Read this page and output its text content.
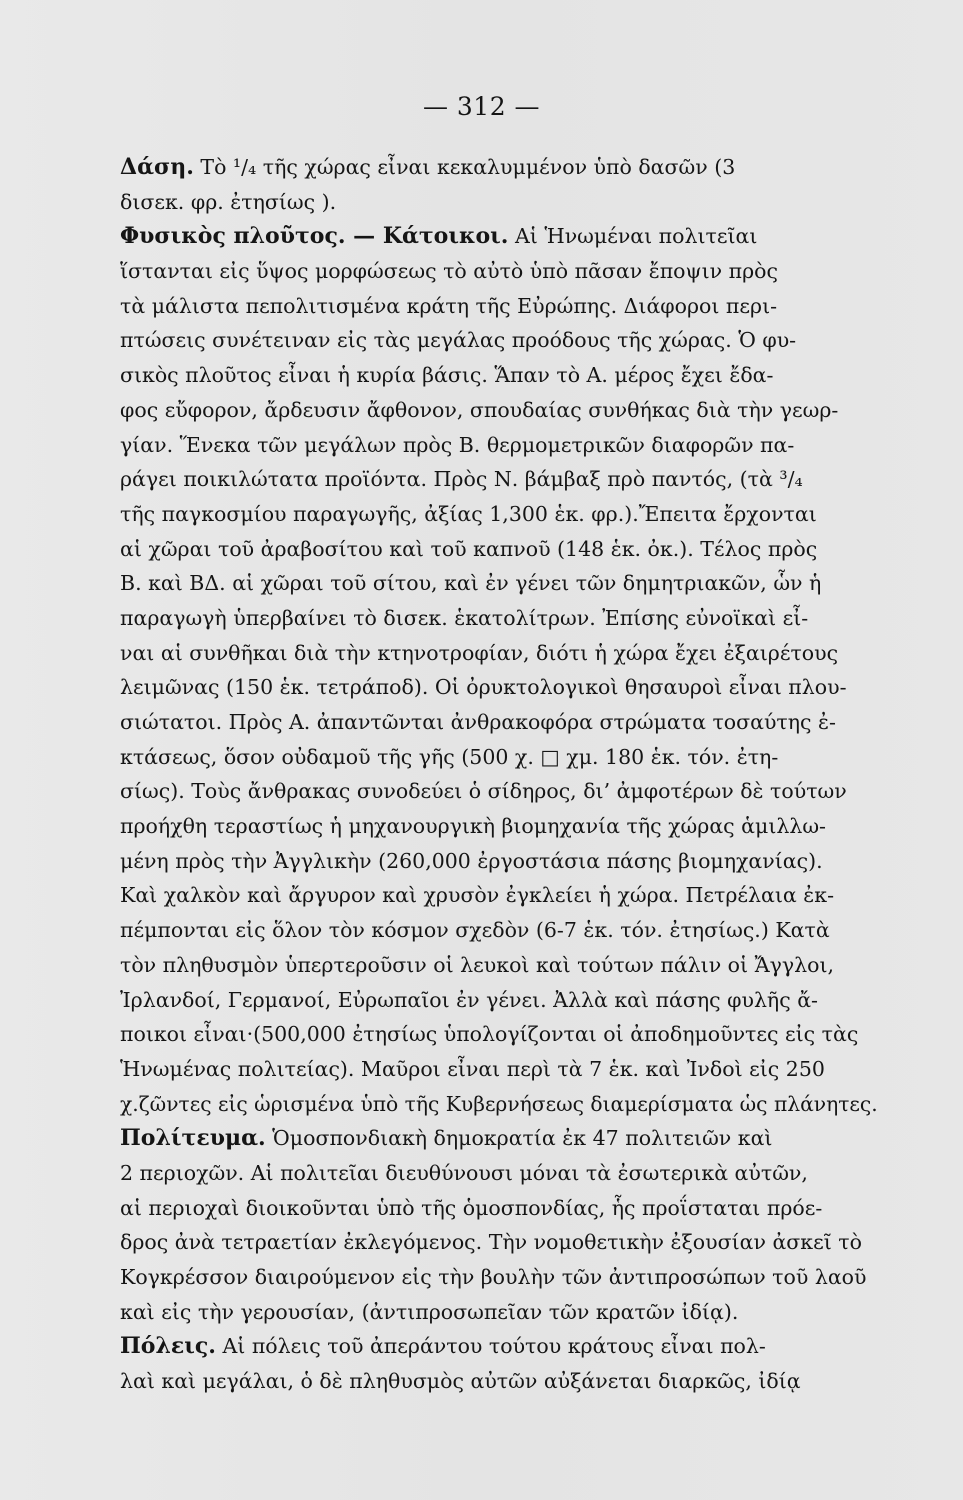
— 312 —
Δάση. Τὸ ¹/₄ τῆς χώρας εἶναι κεκαλυμμένον ὑπὸ δασῶν (3
δισεκ. φρ. ἐτησίως ).
Φυσικὸς πλοῦτος. — Κάτοικοι. Αἱ Ἡνωμέναι πολιτεῖαι
ἵστανται εἰς ὕψος μορφώσεως τὸ αὐτὸ ὑπὸ πᾶσαν ἔποψιν πρὸς
τὰ μάλιστα πεπολιτισμένα κράτη τῆς Εὐρώπης. Διάφοροι περι-
πτώσεις συνέτειναν εἰς τὰς μεγάλας προόδους τῆς χώρας. Ὁ φυ-
σικὸς πλοῦτος εἶναι ἡ κυρία βάσις. Ἅπαν τὸ Α. μέρος ἔχει ἔδα-
φος εὔφορον, ἄρδευσιν ἄφθονον, σπουδαίας συνθήκας διὰ τὴν γεωρ-
γίαν. Ἕνεκα τῶν μεγάλων πρὸς Β. θερμομετρικῶν διαφορῶν πα-
ράγει ποικιλώτατα προϊόντα. Πρὸς Ν. βάμβαξ πρὸ παντός, (τὰ ³/₄
τῆς παγκοσμίου παραγωγῆς, ἀξίας 1,300 ἑκ. φρ.).Ἔπειτα ἔρχονται
αἱ χῶραι τοῦ ἀραβοσίτου καὶ τοῦ καπνοῦ (148 ἑκ. ὀκ.). Τέλος πρὸς
Β. καὶ ΒΔ. αἱ χῶραι τοῦ σίτου, καὶ ἐν γένει τῶν δημητριακῶν, ὧν ἡ
παραγωγὴ ὑπερβαίνει τὸ δισεκ. ἑκατολίτρων. Ἐπίσης εὐνοϊκαὶ εἶ-
ναι αἱ συνθῆκαι διὰ τὴν κτηνοτροφίαν, διότι ἡ χώρα ἔχει ἐξαιρέτους
λειμῶνας (150 ἑκ. τετράποδ). Οἱ ὀρυκτολογικοὶ θησαυροὶ εἶναι πλου-
σιώτατοι. Πρὸς Α. ἀπαντῶνται ἀνθρακοφόρα στρώματα τοσαύτης ἐ-
κτάσεως, ὅσον οὐδαμοῦ τῆς γῆς (500 χ. □ χμ. 180 ἑκ. τόν. ἐτη-
σίως). Τοὺς ἄνθρακας συνοδεύει ὁ σίδηρος, δι’ ἀμφοτέρων δὲ τούτων
προήχθη τεραστίως ἡ μηχανουργικὴ βιομηχανία τῆς χώρας ἁμιλλω-
μένη πρὸς τὴν Ἀγγλικὴν (260,000 ἐργοστάσια πάσης βιομηχανίας).
Καὶ χαλκὸν καὶ ἄργυρον καὶ χρυσὸν ἐγκλείει ἡ χώρα. Πετρέλαια ἐκ-
πέμπονται εἰς ὅλον τὸν κόσμον σχεδὸν (6-7 ἑκ. τόν. ἐτησίως.) Κατὰ
τὸν πληθυσμὸν ὑπερτεροῦσιν οἱ λευκοὶ καὶ τούτων πάλιν οἱ Ἄγγλοι,
Ἰρλανδοί, Γερμανοί, Εὐρωπαῖοι ἐν γένει. Ἀλλὰ καὶ πάσης φυλῆς ἄ-
ποικοι εἶναι·(500,000 ἐτησίως ὑπολογίζονται οἱ ἀποδημοῦντες εἰς τὰς
Ἡνωμένας πολιτείας). Μαῦροι εἶναι περὶ τὰ 7 ἑκ. καὶ Ἰνδοὶ εἰς 250
χ.ζῶντες εἰς ὡρισμένα ὑπὸ τῆς Κυβερνήσεως διαμερίσματα ὡς πλάνητες.
Πολίτευμα. Ὁμοσπονδιακὴ δημοκρατία ἐκ 47 πολιτειῶν καὶ
2 περιοχῶν. Αἱ πολιτεῖαι διευθύνουσι μόναι τὰ ἐσωτερικὰ αὐτῶν,
αἱ περιοχαὶ διοικοῦνται ὑπὸ τῆς ὁμοσπονδίας, ἧς προΐσταται πρόε-
δρος ἀνὰ τετραετίαν ἐκλεγόμενος. Τὴν νομοθετικὴν ἐξουσίαν ἀσκεῖ τὸ
Κογκρέσσον διαιρούμενον εἰς τὴν βουλὴν τῶν ἀντιπροσώπων τοῦ λαοῦ
καὶ εἰς τὴν γερουσίαν, (ἀντιπροσωπεῖαν τῶν κρατῶν ἰδίᾳ).
Πόλεις. Αἱ πόλεις τοῦ ἀπεράντου τούτου κράτους εἶναι πολ-
λαὶ καὶ μεγάλαι, ὁ δὲ πληθυσμὸς αὐτῶν αὐξάνεται διαρκῶς, ἰδίᾳ
